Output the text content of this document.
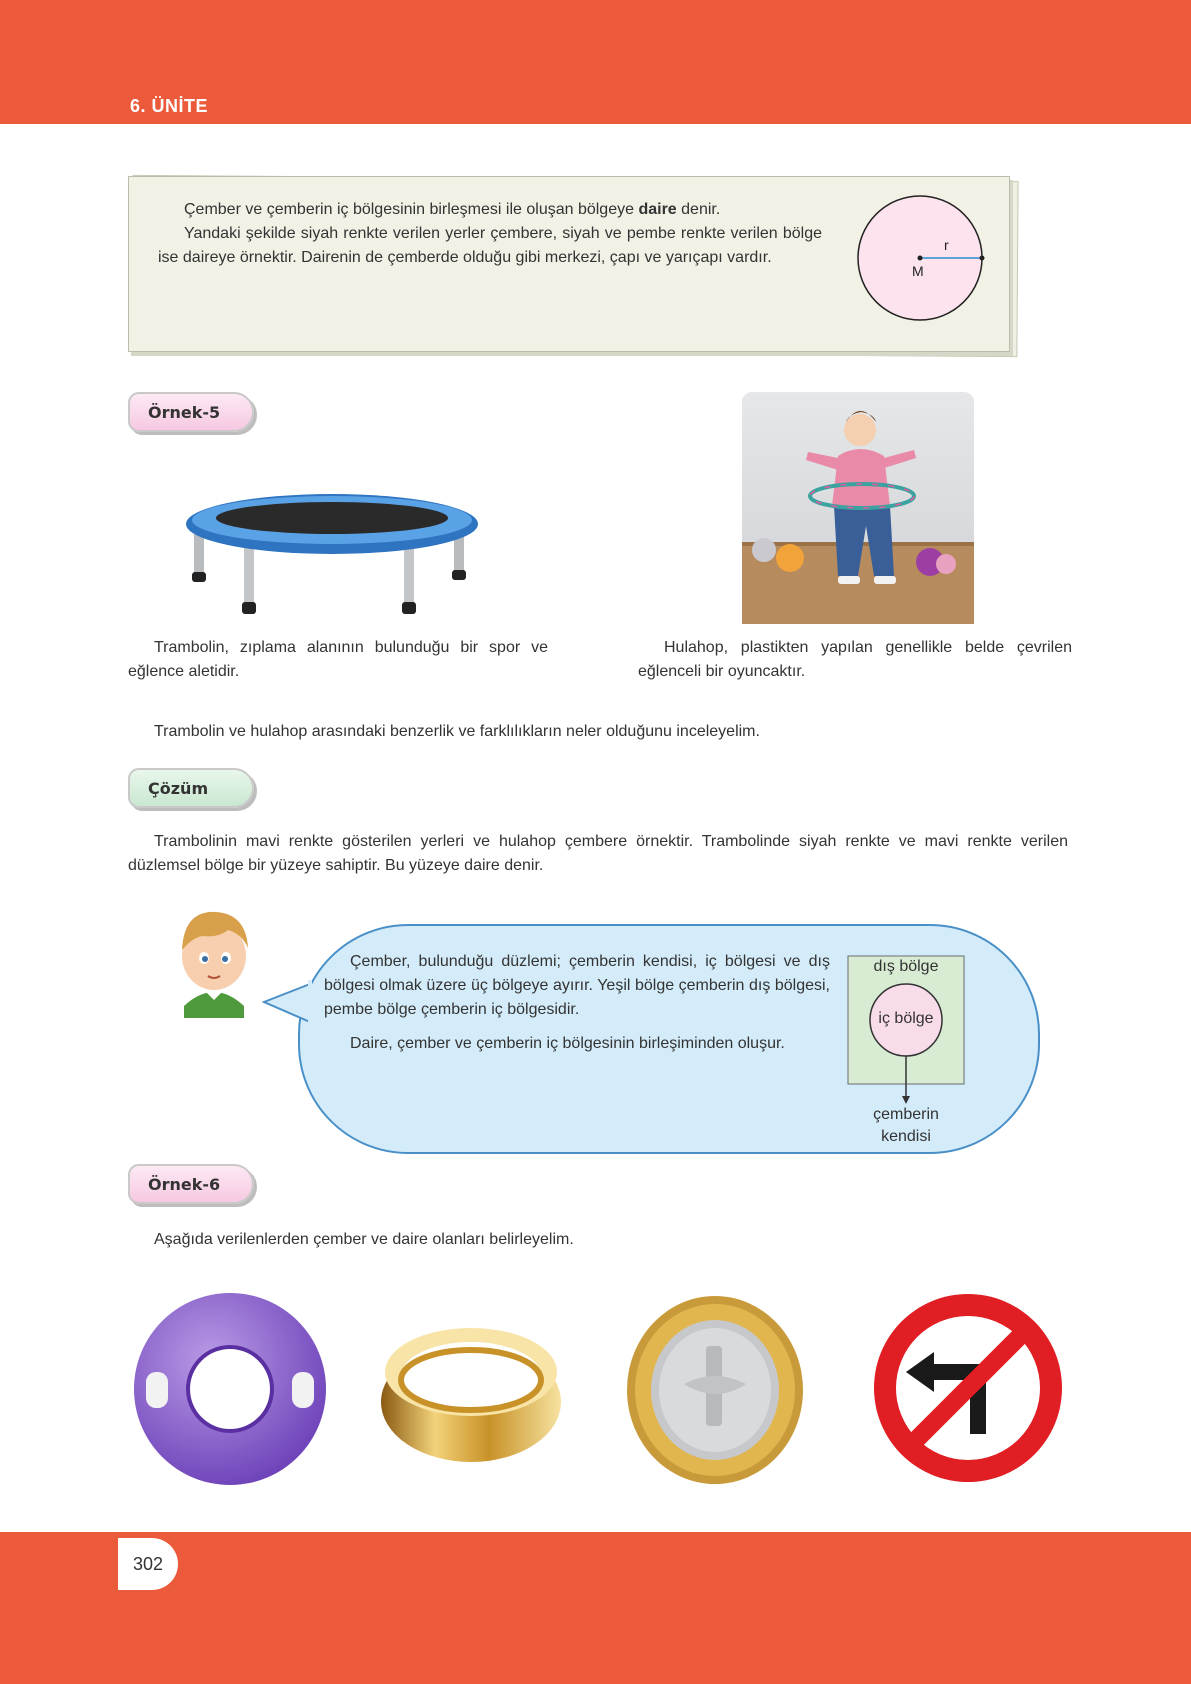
6. ÜNİTE

Çember ve çemberin iç bölgesinin birleşmesi ile oluşan bölgeye daire denir.

Yandaki şekilde siyah renkte verilen yerler çembere, siyah ve pembe renkte verilen bölge ise daireye örnektir. Dairenin de çemberde olduğu gibi merkezi, çapı ve yarıçapı vardır.

M
r
Örnek-5

Trambolin, zıplama alanının bulunduğu bir spor ve eğlence aletidir.

Hulahop, plastikten yapılan genellikle belde çevrilen eğlenceli bir oyuncaktır.

Trambolin ve hulahop arasındaki benzerlik ve farklılıkların neler olduğunu inceleyelim.

Çözüm

Trambolinin mavi renkte gösterilen yerleri ve hulahop çembere örnektir. Trambolinde siyah renkte ve mavi renkte verilen düzlemsel bölge bir yüzeye sahiptir. Bu yüzeye daire denir.

Çember, bulunduğu düzlemi; çemberin kendisi, iç bölgesi ve dış bölgesi olmak üzere üç bölgeye ayırır. Yeşil bölge çemberin dış bölgesi, pembe bölge çemberin iç bölgesidir.

Daire, çember ve çemberin iç bölgesinin birleşiminden oluşur.

dış bölge
iç bölge
çemberin
kendisi
Örnek-6

Aşağıda verilenlerden çember ve daire olanları belirleyelim.

302
